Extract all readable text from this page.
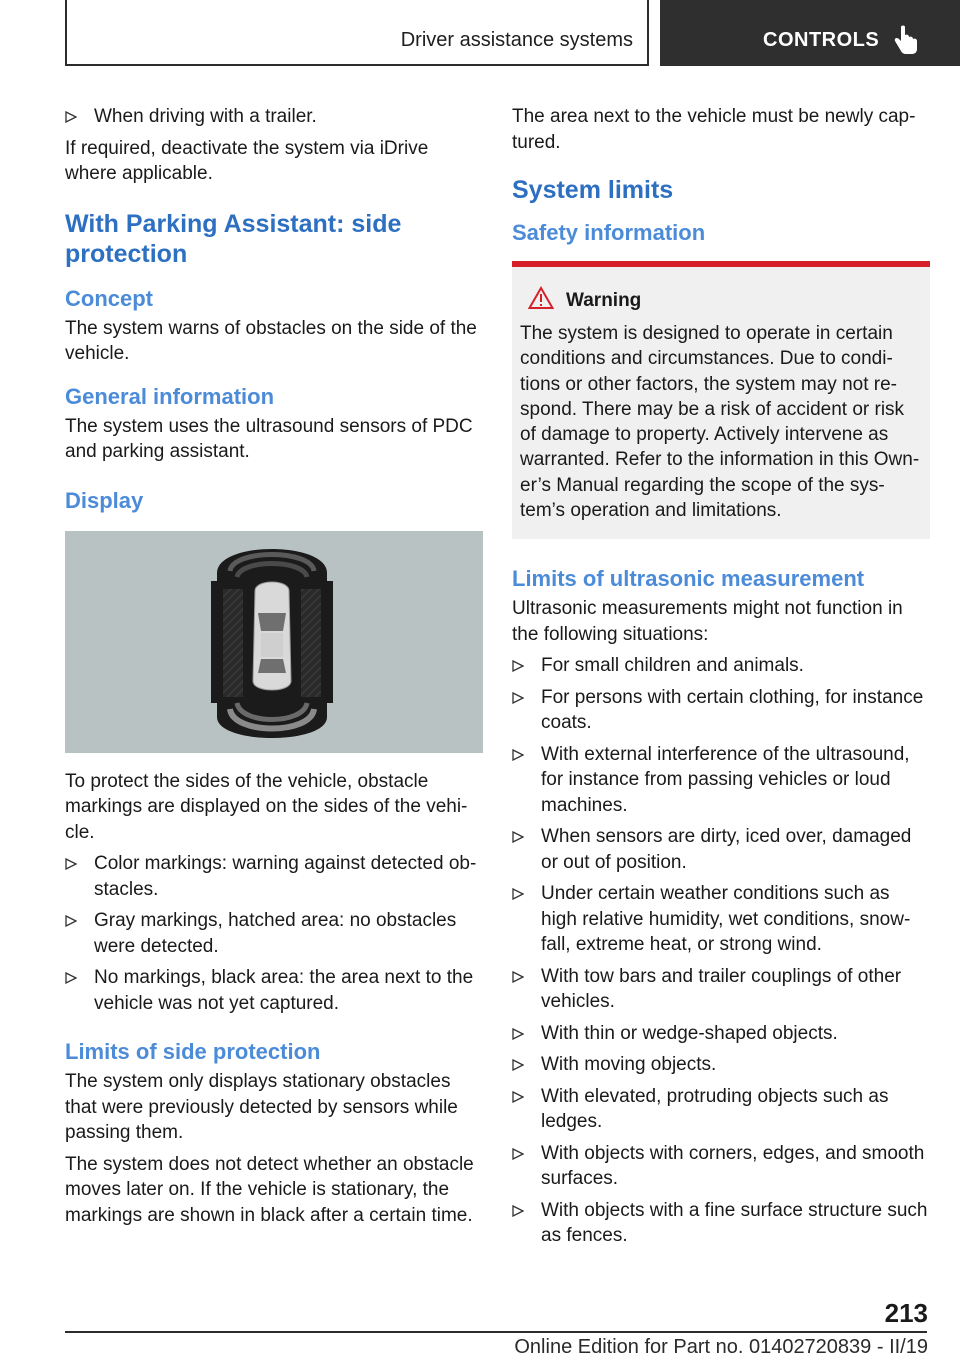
Driver assistance systems	CONTROLS
When driving with a trailer.

If required, deactivate the system via iDrive where applicable.

With Parking Assistant: side protection
Concept

The system warns of obstacles on the side of the vehicle.

General information

The system uses the ultrasound sensors of PDC and parking assistant.

Display

To protect the sides of the vehicle, obstacle markings are displayed on the sides of the vehi‐cle.

Color markings: warning against detected ob‐stacles.
Gray markings, hatched area: no obstacles were detected.
No markings, black area: the area next to the vehicle was not yet captured.
Limits of side protection

The system only displays stationary obstacles that were previously detected by sensors while passing them.

The system does not detect whether an obstacle moves later on. If the vehicle is stationary, the markings are shown in black after a certain time.

The area next to the vehicle must be newly cap‐tured.

System limits
Safety information
Warning

The system is designed to operate in certain conditions and circumstances. Due to condi‐tions or other factors, the system may not re‐spond. There may be a risk of accident or risk of damage to property. Actively intervene as warranted. Refer to the information in this Own‐er’s Manual regarding the scope of the sys‐tem’s operation and limitations.

Limits of ultrasonic measurement

Ultrasonic measurements might not function in the following situations:

For small children and animals.
For persons with certain clothing, for instance coats.
With external interference of the ultrasound, for instance from passing vehicles or loud machines.
When sensors are dirty, iced over, damaged or out of position.
Under certain weather conditions such as high relative humidity, wet conditions, snow‐fall, extreme heat, or strong wind.
With tow bars and trailer couplings of other vehicles.
With thin or wedge-shaped objects.
With moving objects.
With elevated, protruding objects such as ledges.
With objects with corners, edges, and smooth surfaces.
With objects with a fine surface structure such as fences.
213
Online Edition for Part no. 01402720839 - II/19
